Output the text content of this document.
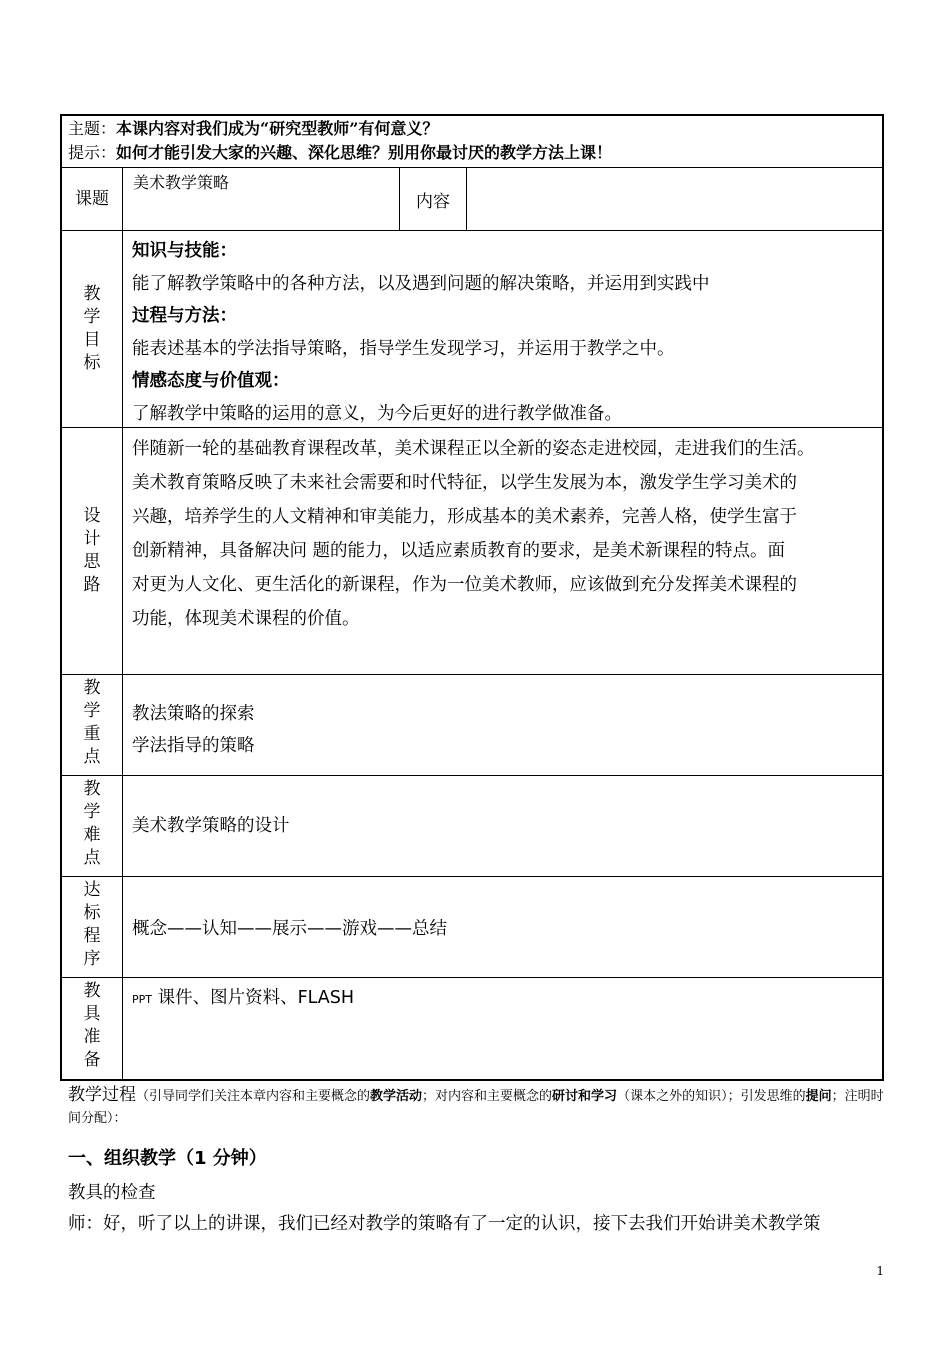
主题：本课内容对我们成为“研究型教师”有何意义？
提示：如何才能引发大家的兴趣、深化思维？别用你最讨厌的教学方法上课！
课题
美术教学策略
内容
教
学
目
标
知识与技能：
能了解教学策略中的各种方法，以及遇到问题的解决策略，并运用到实践中
过程与方法：
能表述基本的学法指导策略，指导学生发现学习，并运用于教学之中。
情感态度与价值观：
了解教学中策略的运用的意义，为今后更好的进行教学做准备。
设
计
思
路

伴随新一轮的基础教育课程改革，美术课程正以全新的姿态走进校园，走进我们的生活。

美术教育策略反映了未来社会需要和时代特征，以学生发展为本，激发学生学习美术的

兴趣，培养学生的人文精神和审美能力，形成基本的美术素养，完善人格，使学生富于

创新精神，具备解决问 题的能力，以适应素质教育的要求，是美术新课程的特点。面

对更为人文化、更生活化的新课程，作为一位美术教师，应该做到充分发挥美术课程的

功能，体现美术课程的价值。

教
学
重
点
教法策略的探索
学法指导的策略
教
学
难
点
美术教学策略的设计
达
标
程
序
概念——认知——展示——游戏——总结
教
具
准
备
PPT 课件、图片资料、FLASH
教学过程（引导同学们关注本章内容和主要概念的教学活动；对内容和主要概念的研讨和学习（课本之外的知识）；引发思维的提问；注明时间分配）：
一、组织教学（1 分钟）
教具的检查
师：好，听了以上的讲课，我们已经对教学的策略有了一定的认识，接下去我们开始讲美术教学策
1
